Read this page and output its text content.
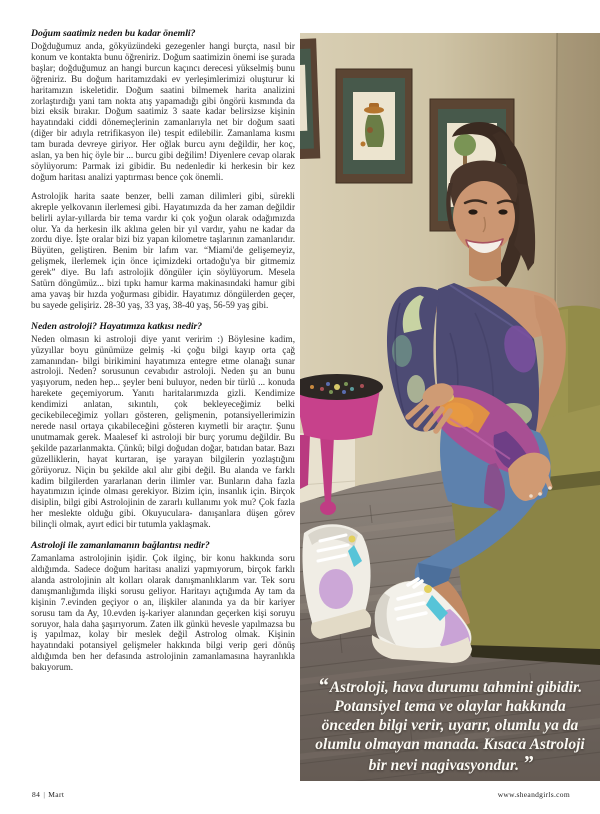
Doğum saatimiz neden bu kadar önemli?

Doğduğumuz anda, gökyüzündeki gezegenler hangi burçta, nasıl bir konum ve kontakta bunu öğreniriz. Doğum saatimizin önemi ise şurada başlar; doğduğumuz an hangi burcun kaçıncı derecesi yükselmiş bunu öğreniriz. Bu doğum haritamızdaki ev yerleşimlerimizi oluşturur ki haritamızın iskeletidir. Doğum saatini bilmemek harita analizini zorlaştırdığı yani tam nokta atış yapamadığı gibi öngörü kısmında da bizi eksik bırakır. Doğum saatimiz 3 saate kadar belirsizse kişinin hayatındaki ciddi dönemeçlerinin zamanlarıyla net bir doğum saati (diğer bir adıyla retrifikasyon ile) tespit edilebilir. Zamanlama kısmı tam burada devreye giriyor. Her oğlak burcu aynı değildir, her koç, aslan, ya ben hiç öyle bir ... burcu gibi değilim! Diyenlere cevap olarak söylüyorum: Parmak izi gibidir. Bu nedenledir ki herkesin bir kez doğum haritası analizi yaptırması bence çok önemli.

Astrolojik harita saate benzer, belli zaman dilimleri gibi, sürekli akreple yelkovanın ilerlemesi gibi. Hayatımızda da her zaman değildir belirli aylar-yıllarda bir tema vardır ki çok yoğun olarak odağımızda olur. Ya da herkesin ilk aklına gelen bir yıl vardır, yahu ne kadar da zordu diye. İşte oralar bizi biz yapan kilometre taşlarının zamanlarıdır. Büyüten, geliştiren. Benim bir lafım var. “Miami'de gelişemeyiz, gelişmek, ilerlemek için önce içimizdeki ortadoğu'ya bir gitmemiz gerek” diye. Bu lafı astrolojik döngüler için söylüyorum. Mesela Satürn döngümüz... bizi tıpkı hamur karma makinasındaki hamur gibi ama yavaş bir hızda yoğurması gibidir. Hayatımız döngülerden geçer, bu sayede gelişiriz. 28-30 yaş, 33 yaş, 38-40 yaş, 56-59 yaş gibi.

Neden astroloji? Hayatımıza katkısı nedir?

Neden olmasın ki astroloji diye yanıt veririm :) Böylesine kadim, yüzyıllar boyu günümüze gelmiş -ki çoğu bilgi kayıp orta çağ zamanından- bilgi birikimini hayatımıza entegre etme olanağı sunar astroloji. Neden? sorusunun cevabıdır astroloji. Neden şu an bunu yaşıyorum, neden hep... şeyler beni buluyor, neden bir türlü ... konuda harekete geçemiyorum. Yanıtı haritalarımızda gizli. Kendimize kendimizi anlatan, sıkıntılı, çok bekleyeceğimiz belki gecikebileceğimiz yolları gösteren, gelişmenin, potansiyellerimizin nerede nasıl ortaya çıkabileceğini gösteren kıymetli bir araçtır. Şunu unutmamak gerek. Maalesef ki astroloji bir burç yorumu değildir. Bu şekilde pazarlanmakta. Çünkü; bilgi doğudan doğar, batıdan batar. Bazı güzelliklerin, hayat kurtaran, işe yarayan bilgilerin yozlaştığını görüyoruz. Niçin bu şekilde akıl alır gibi değil. Bu alanda ve farklı kadim bilgilerden yararlanan derin ilimler var. Bunların daha fazla hayatımızın içinde olması gerekiyor. Bizim için, insanlık için. Birçok disiplin, bilgi gibi Astrolojinin de zararlı kullanımı yok mu? Çok fazla her meslekte olduğu gibi. Okuyuculara- danışanlara düşen görev bilinçli olmak, ayırt edici bir tutumla yaklaşmak.

Astroloji ile zamanlamanın bağlantısı nedir?

Zamanlama astrolojinin işidir. Çok ilginç, bir konu hakkında soru aldığımda. Sadece doğum haritası analizi yapmıyorum, birçok farklı alanda astrolojinin alt kolları olarak danışmanlıklarım var. Tek soru danışmanlığımda ilişki sorusu geliyor. Haritayı açtığımda Ay tam da kişinin 7.evinden geçiyor o an, ilişkiler alanında ya da bir kariyer sorusu tam da Ay, 10.evden iş-kariyer alanından geçerken kişi soruyu soruyor, hala daha şaşırıyorum. Zaten ilk günkü hevesle yapılmazsa bu iş yapılmaz, kolay bir meslek değil Astrolog olmak. Kişinin hayatındaki potansiyel gelişmeler hakkında bilgi verip geri dönüş aldığımda ben her defasında astrolojinin zamanlamasına hayranlıkla bakıyorum.

“ Astroloji, hava durumu tahmini gibidir. Potansiyel tema ve olaylar hakkında önceden bilgi verir, uyarır, olumlu ya da olumlu olmayan manada. Kısaca Astroloji bir nevi nagivasyondur. ”
84 | Mart	www.sheandgirls.com
